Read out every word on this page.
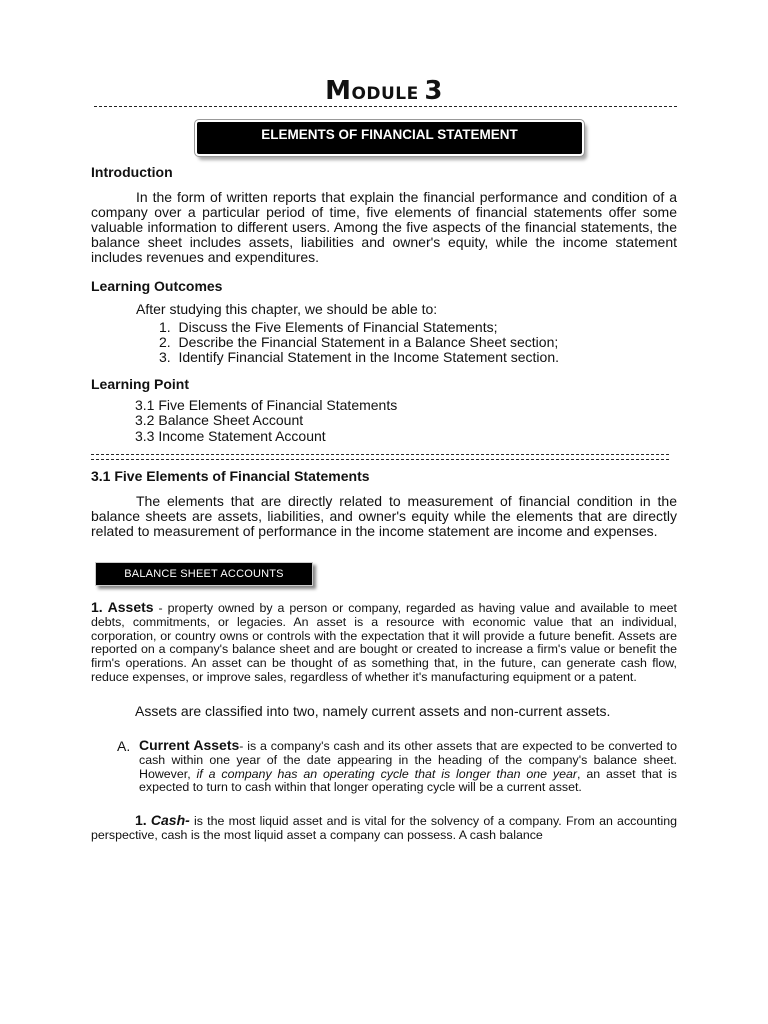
MODULE 3
ELEMENTS OF FINANCIAL STATEMENT
Introduction
In the form of written reports that explain the financial performance and condition of a company over a particular period of time, five elements of financial statements offer some valuable information to different users. Among the five aspects of the financial statements, the balance sheet includes assets, liabilities and owner's equity, while the income statement includes revenues and expenditures.
Learning Outcomes
After studying this chapter, we should be able to:
1. Discuss the Five Elements of Financial Statements;
2. Describe the Financial Statement in a Balance Sheet section;
3. Identify Financial Statement in the Income Statement section.
Learning Point
3.1 Five Elements of Financial Statements
3.2 Balance Sheet Account
3.3 Income Statement Account
3.1 Five Elements of Financial Statements
The elements that are directly related to measurement of financial condition in the balance sheets are assets, liabilities, and owner's equity while the elements that are directly related to measurement of performance in the income statement are income and expenses.
BALANCE SHEET ACCOUNTS
1. Assets - property owned by a person or company, regarded as having value and available to meet debts, commitments, or legacies. An asset is a resource with economic value that an individual, corporation, or country owns or controls with the expectation that it will provide a future benefit. Assets are reported on a company's balance sheet and are bought or created to increase a firm's value or benefit the firm's operations. An asset can be thought of as something that, in the future, can generate cash flow, reduce expenses, or improve sales, regardless of whether it's manufacturing equipment or a patent.
Assets are classified into two, namely current assets and non-current assets.
A. Current Assets- is a company's cash and its other assets that are expected to be converted to cash within one year of the date appearing in the heading of the company's balance sheet. However, if a company has an operating cycle that is longer than one year, an asset that is expected to turn to cash within that longer operating cycle will be a current asset.
1. Cash- is the most liquid asset and is vital for the solvency of a company. From an accounting perspective, cash is the most liquid asset a company can possess. A cash balance
